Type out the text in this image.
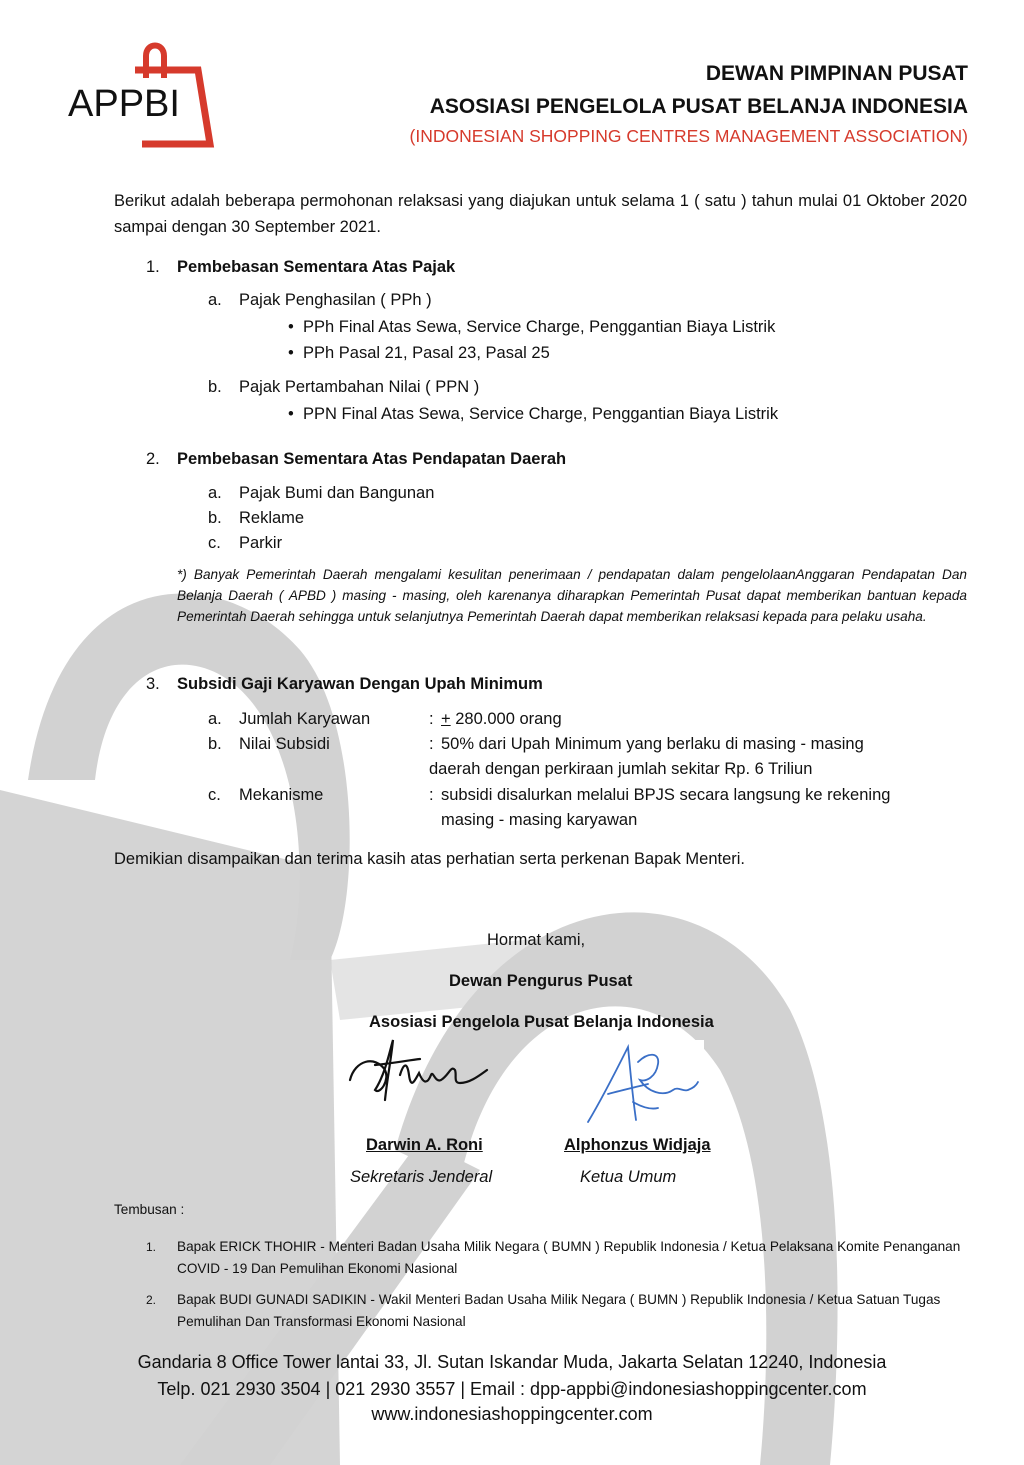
APPBI
DEWAN PIMPINAN PUSAT
ASOSIASI PENGELOLA PUSAT BELANJA INDONESIA
(INDONESIAN SHOPPING CENTRES MANAGEMENT ASSOCIATION)
Berikut adalah beberapa permohonan relaksasi yang diajukan untuk selama 1 ( satu ) tahun mulai 01 Oktober 2020 sampai dengan 30 September 2021.
1. Pembebasan Sementara Atas Pajak
a. Pajak Penghasilan ( PPh )
• PPh Final Atas Sewa, Service Charge, Penggantian Biaya Listrik
• PPh Pasal 21, Pasal 23, Pasal 25
b. Pajak Pertambahan Nilai ( PPN )
• PPN Final Atas Sewa, Service Charge, Penggantian Biaya Listrik
2. Pembebasan Sementara Atas Pendapatan Daerah
a. Pajak Bumi dan Bangunan
b. Reklame
c. Parkir
*) Banyak Pemerintah Daerah mengalami kesulitan penerimaan / pendapatan dalam pengelolaanAnggaran Pendapatan Dan Belanja Daerah ( APBD ) masing - masing, oleh karenanya diharapkan Pemerintah Pusat dapat memberikan bantuan kepada Pemerintah Daerah sehingga untuk selanjutnya Pemerintah Daerah dapat memberikan relaksasi kepada para pelaku usaha.
3. Subsidi Gaji Karyawan Dengan Upah Minimum
a. Jumlah Karyawan	: + 280.000 orang
b. Nilai Subsidi	: 50% dari Upah Minimum yang berlaku di masing - masing
daerah dengan perkiraan jumlah sekitar Rp. 6 Triliun
c. Mekanisme	: subsidi disalurkan melalui BPJS secara langsung ke rekening
masing - masing karyawan
Demikian disampaikan dan terima kasih atas perhatian serta perkenan Bapak Menteri.
Hormat kami,
Dewan Pengurus Pusat
Asosiasi Pengelola Pusat Belanja Indonesia
Darwin A. Roni
Sekretaris Jenderal
Alphonzus Widjaja
Ketua Umum
Tembusan :
1. Bapak ERICK THOHIR - Menteri Badan Usaha Milik Negara ( BUMN ) Republik Indonesia / Ketua Pelaksana Komite Penanganan COVID - 19 Dan Pemulihan Ekonomi Nasional
2. Bapak BUDI GUNADI SADIKIN - Wakil Menteri Badan Usaha Milik Negara ( BUMN ) Republik Indonesia / Ketua Satuan Tugas Pemulihan Dan Transformasi Ekonomi Nasional
Gandaria 8 Office Tower lantai 33, Jl. Sutan Iskandar Muda, Jakarta Selatan 12240, Indonesia
Telp. 021 2930 3504 | 021 2930 3557 | Email : dpp-appbi@indonesiashoppingcenter.com
www.indonesiashoppingcenter.com
